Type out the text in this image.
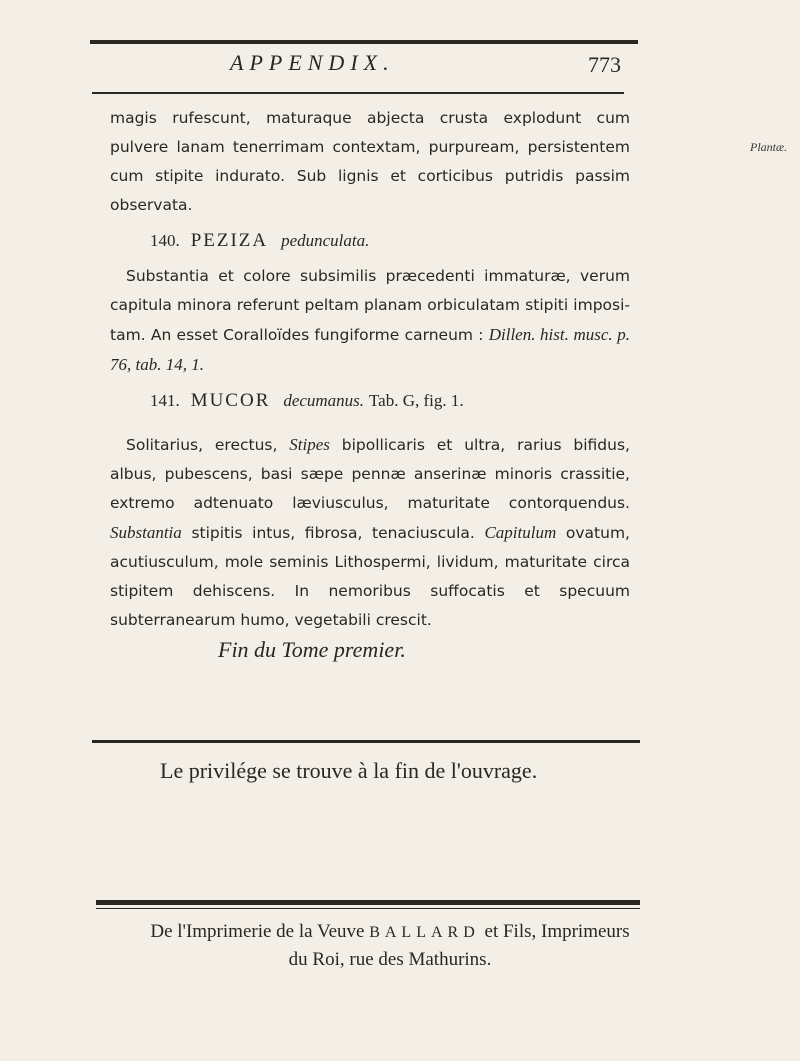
APPENDIX.	773
Plantæ.

magis rufescunt, maturaque abjecta crusta explodunt cum pulvere lanam tenerrimam contextam, purpuream, persistentem cum stipite indurato. Sub lignis et corticibus putridis passim observata.

140. PEZIZA pedunculata.

Substantia et colore subsimilis præcedenti immaturæ, verum capitula minora referunt peltam planam orbiculatam stipiti impositam. An esset Coralloïdes fungiforme carneum : Dillen. hist. musc. p. 76, tab. 14, 1.

141. MUCOR decumanus. Tab. G, fig. 1.

Solitarius, erectus, Stipes bipollicaris et ultra, rarius bifidus, albus, pubescens, basi sæpe pennæ anserinæ minoris crassitie, extremo adtenuato læviusculus, maturitate contorquendus. Substantia stipitis intus, fibrosa, tenaciuscula. Capitulum ovatum, acutiusculum, mole seminis Lithospermi, lividum, maturitate circa stipitem dehiscens. In nemoribus suffocatis et specuum subterranearum humo, vegetabili crescit.

Fin du Tome premier.
Le privilége se trouve à la fin de l'ouvrage.
De l'Imprimerie de la Veuve BALLARD et Fils, Imprimeurs
du Roi, rue des Mathurins.
